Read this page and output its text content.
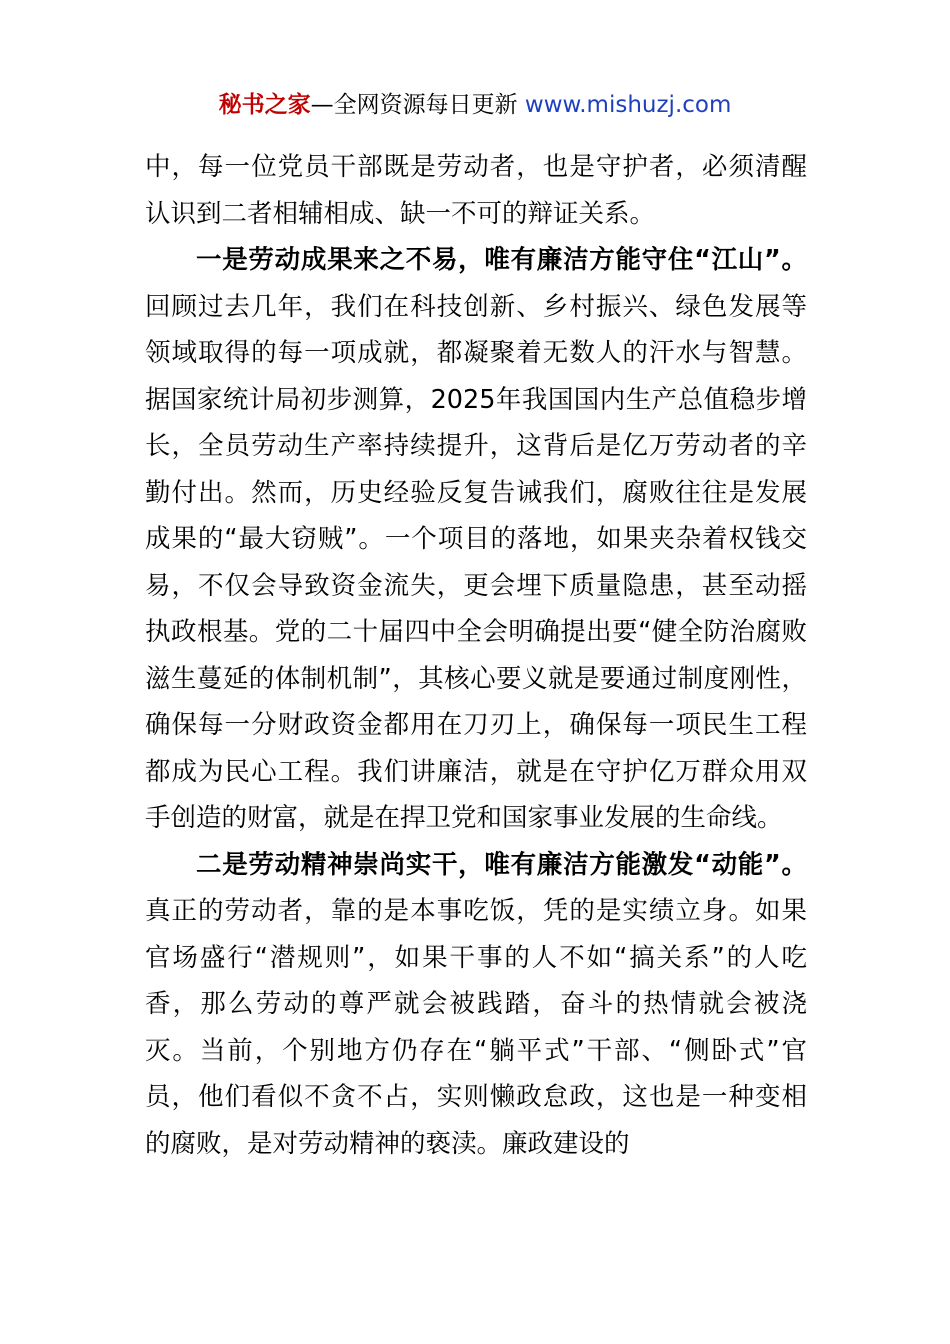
秘书之家—全网资源每日更新 www.mishuzj.com

中，每一位党员干部既是劳动者，也是守护者，必须清醒认识到二者相辅相成、缺一不可的辩证关系。

一是劳动成果来之不易，唯有廉洁方能守住“江山”。回顾过去几年，我们在科技创新、乡村振兴、绿色发展等领域取得的每一项成就，都凝聚着无数人的汗水与智慧。据国家统计局初步测算，2025年我国国内生产总值稳步增长，全员劳动生产率持续提升，这背后是亿万劳动者的辛勤付出。然而，历史经验反复告诫我们，腐败往往是发展成果的“最大窃贼”。一个项目的落地，如果夹杂着权钱交易，不仅会导致资金流失，更会埋下质量隐患，甚至动摇执政根基。党的二十届四中全会明确提出要“健全防治腐败滋生蔓延的体制机制”，其核心要义就是要通过制度刚性，确保每一分财政资金都用在刀刃上，确保每一项民生工程都成为民心工程。我们讲廉洁，就是在守护亿万群众用双手创造的财富，就是在捍卫党和国家事业发展的生命线。

二是劳动精神崇尚实干，唯有廉洁方能激发“动能”。真正的劳动者，靠的是本事吃饭，凭的是实绩立身。如果官场盛行“潜规则”，如果干事的人不如“搞关系”的人吃香，那么劳动的尊严就会被践踏，奋斗的热情就会被浇灭。当前，个别地方仍存在“躺平式”干部、“侧卧式”官员，他们看似不贪不占，实则懒政怠政，这也是一种变相的腐败，是对劳动精神的亵渎。廉政建设的
